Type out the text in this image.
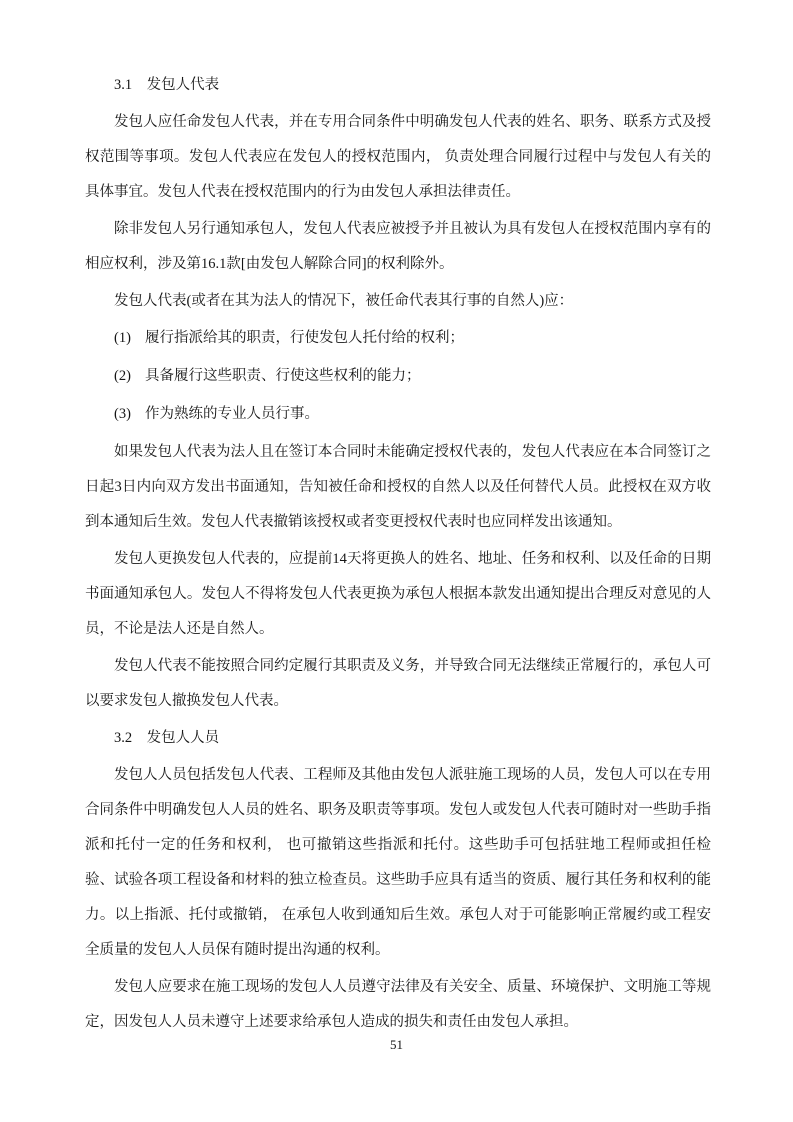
3.1　发包人代表

发包人应任命发包人代表，并在专用合同条件中明确发包人代表的姓名、职务、联系方式及授权范围等事项。发包人代表应在发包人的授权范围内， 负责处理合同履行过程中与发包人有关的具体事宜。发包人代表在授权范围内的行为由发包人承担法律责任。

除非发包人另行通知承包人，发包人代表应被授予并且被认为具有发包人在授权范围内享有的相应权利，涉及第16.1款[由发包人解除合同]的权利除外。

发包人代表(或者在其为法人的情况下，被任命代表其行事的自然人)应：

(1) 履行指派给其的职责，行使发包人托付给的权利；
(2) 具备履行这些职责、行使这些权利的能力；
(3) 作为熟练的专业人员行事。

如果发包人代表为法人且在签订本合同时未能确定授权代表的，发包人代表应在本合同签订之日起3日内向双方发出书面通知，告知被任命和授权的自然人以及任何替代人员。此授权在双方收到本通知后生效。发包人代表撤销该授权或者变更授权代表时也应同样发出该通知。

发包人更换发包人代表的，应提前14天将更换人的姓名、地址、任务和权利、以及任命的日期书面通知承包人。发包人不得将发包人代表更换为承包人根据本款发出通知提出合理反对意见的人员，不论是法人还是自然人。

发包人代表不能按照合同约定履行其职责及义务，并导致合同无法继续正常履行的，承包人可以要求发包人撤换发包人代表。

3.2　发包人人员

发包人人员包括发包人代表、工程师及其他由发包人派驻施工现场的人员，发包人可以在专用合同条件中明确发包人人员的姓名、职务及职责等事项。发包人或发包人代表可随时对一些助手指派和托付一定的任务和权利， 也可撤销这些指派和托付。这些助手可包括驻地工程师或担任检验、试验各项工程设备和材料的独立检查员。这些助手应具有适当的资质、履行其任务和权利的能力。以上指派、托付或撤销， 在承包人收到通知后生效。承包人对于可能影响正常履约或工程安全质量的发包人人员保有随时提出沟通的权利。

发包人应要求在施工现场的发包人人员遵守法律及有关安全、质量、环境保护、文明施工等规定，因发包人人员未遵守上述要求给承包人造成的损失和责任由发包人承担。

51
